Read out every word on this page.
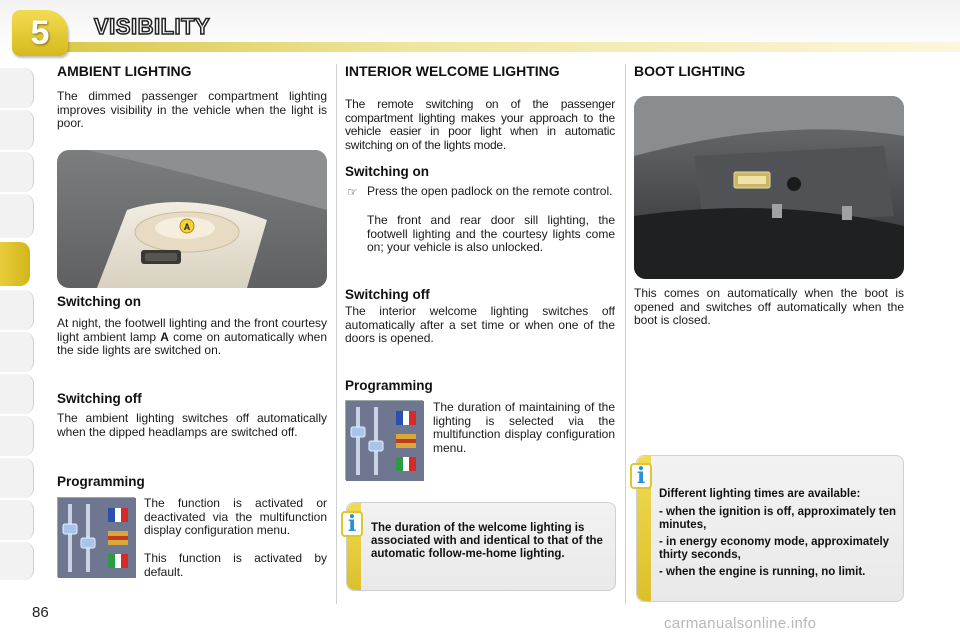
5 VISIBILITY
AMBIENT LIGHTING

The dimmed passenger compartment lighting improves visibility in the vehicle when the light is poor.

A
Switching on

At night, the footwell lighting and the front courtesy light ambient lamp A come on automatically when the side lights are switched on.

Switching off

The ambient lighting switches off automatically when the dipped headlamps are switched off.

Programming

The function is activated or deactivated via the multifunction display configuration menu.

This function is activated by default.

INTERIOR WELCOME LIGHTING

The remote switching on of the passenger compartment lighting makes your approach to the vehicle easier in poor light when in automatic switching on of the lights mode.

Switching on
☞ Press the open padlock on the remote control.

The front and rear door sill lighting, the footwell lighting and the courtesy lights come on; your vehicle is also unlocked.

Switching off

The interior welcome lighting switches off automatically after a set time or when one of the doors is opened.

Programming

The duration of maintaining of the lighting is selected via the multifunction display configuration menu.

The duration of the welcome lighting is associated with and identical to that of the automatic follow-me-home lighting.

i
BOOT LIGHTING

This comes on automatically when the boot is opened and switches off automatically when the boot is closed.

Different lighting times are available:
- when the ignition is off, approximately ten minutes,
- in energy economy mode, approximately thirty seconds,
- when the engine is running, no limit.
i
86
carmanualsonline.info
